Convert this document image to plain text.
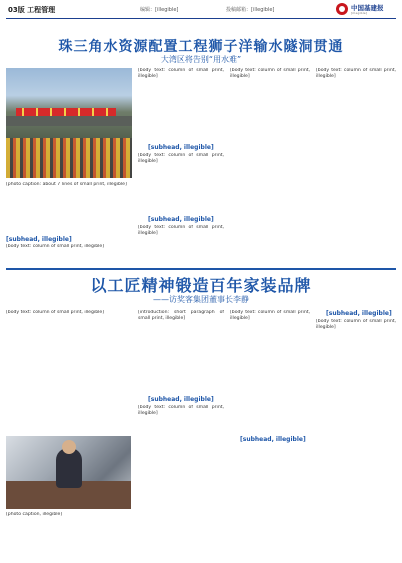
03版 工程管理	编辑：[illegible]	投稿邮箱：[illegible]	中国基建报
[illegible]
珠三角水资源配置工程狮子洋输水隧洞贯通
大湾区将告别“用水难”
[photo caption: about 7 lines of small print, illegible]
[subhead, illegible]
[body text: column of small print, illegible]
[body text: column of small print, illegible]
[subhead, illegible]
[body text: column of small print, illegible]
[subhead, illegible]
[body text: column of small print, illegible]
[body text: column of small print, illegible]
[body text: column of small print, illegible]
以工匠精神锻造百年家装品牌
——访奖客集团董事长李静
[body text: column of small print, illegible]
[photo caption, illegible]
[introduction: short paragraph of small print, illegible]
[subhead, illegible]
[body text: column of small print, illegible]
[body text: column of small print, illegible]
[subhead, illegible]
[subhead, illegible]
[body text: column of small print, illegible]
